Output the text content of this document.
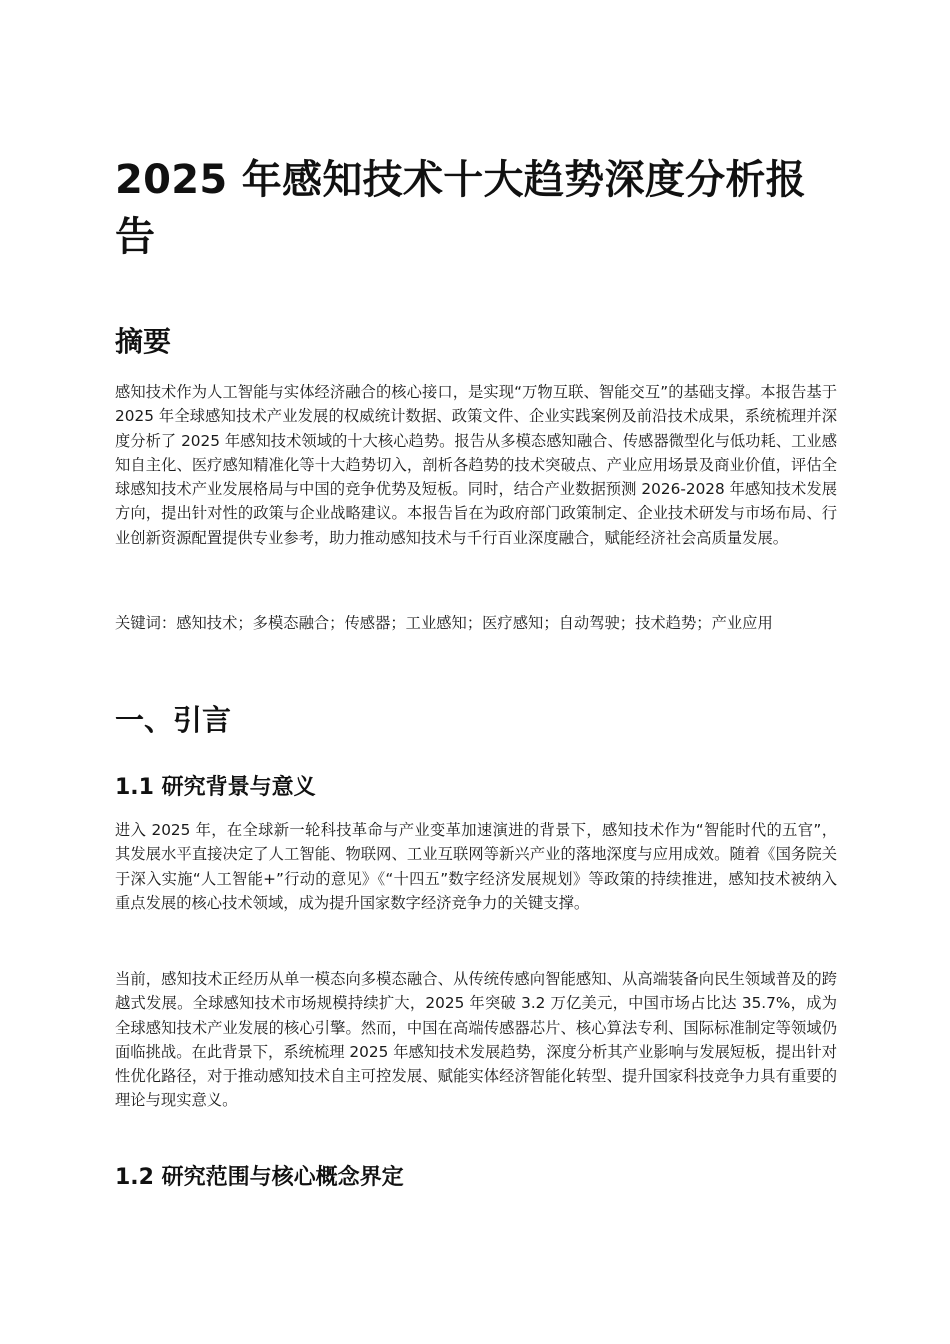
2025 年感知技术十大趋势深度分析报告
摘要

感知技术作为人工智能与实体经济融合的核心接口，是实现“万物互联、智能交互”的基础支撑。本报告基于 2025 年全球感知技术产业发展的权威统计数据、政策文件、企业实践案例及前沿技术成果，系统梳理并深度分析了 2025 年感知技术领域的十大核心趋势。报告从多模态感知融合、传感器微型化与低功耗、工业感知自主化、医疗感知精准化等十大趋势切入，剖析各趋势的技术突破点、产业应用场景及商业价值，评估全球感知技术产业发展格局与中国的竞争优势及短板。同时，结合产业数据预测 2026-2028 年感知技术发展方向，提出针对性的政策与企业战略建议。本报告旨在为政府部门政策制定、企业技术研发与市场布局、行业创新资源配置提供专业参考，助力推动感知技术与千行百业深度融合，赋能经济社会高质量发展。

关键词：感知技术；多模态融合；传感器；工业感知；医疗感知；自动驾驶；技术趋势；产业应用

一、引言
1.1 研究背景与意义

进入 2025 年，在全球新一轮科技革命与产业变革加速演进的背景下，感知技术作为“智能时代的五官”，其发展水平直接决定了人工智能、物联网、工业互联网等新兴产业的落地深度与应用成效。随着《国务院关于深入实施“人工智能+”行动的意见》《“十四五”数字经济发展规划》等政策的持续推进，感知技术被纳入重点发展的核心技术领域，成为提升国家数字经济竞争力的关键支撑。

当前，感知技术正经历从单一模态向多模态融合、从传统传感向智能感知、从高端装备向民生领域普及的跨越式发展。全球感知技术市场规模持续扩大，2025 年突破 3.2 万亿美元，中国市场占比达 35.7%，成为全球感知技术产业发展的核心引擎。然而，中国在高端传感器芯片、核心算法专利、国际标准制定等领域仍面临挑战。在此背景下，系统梳理 2025 年感知技术发展趋势，深度分析其产业影响与发展短板，提出针对性优化路径，对于推动感知技术自主可控发展、赋能实体经济智能化转型、提升国家科技竞争力具有重要的理论与现实意义。

1.2 研究范围与核心概念界定
